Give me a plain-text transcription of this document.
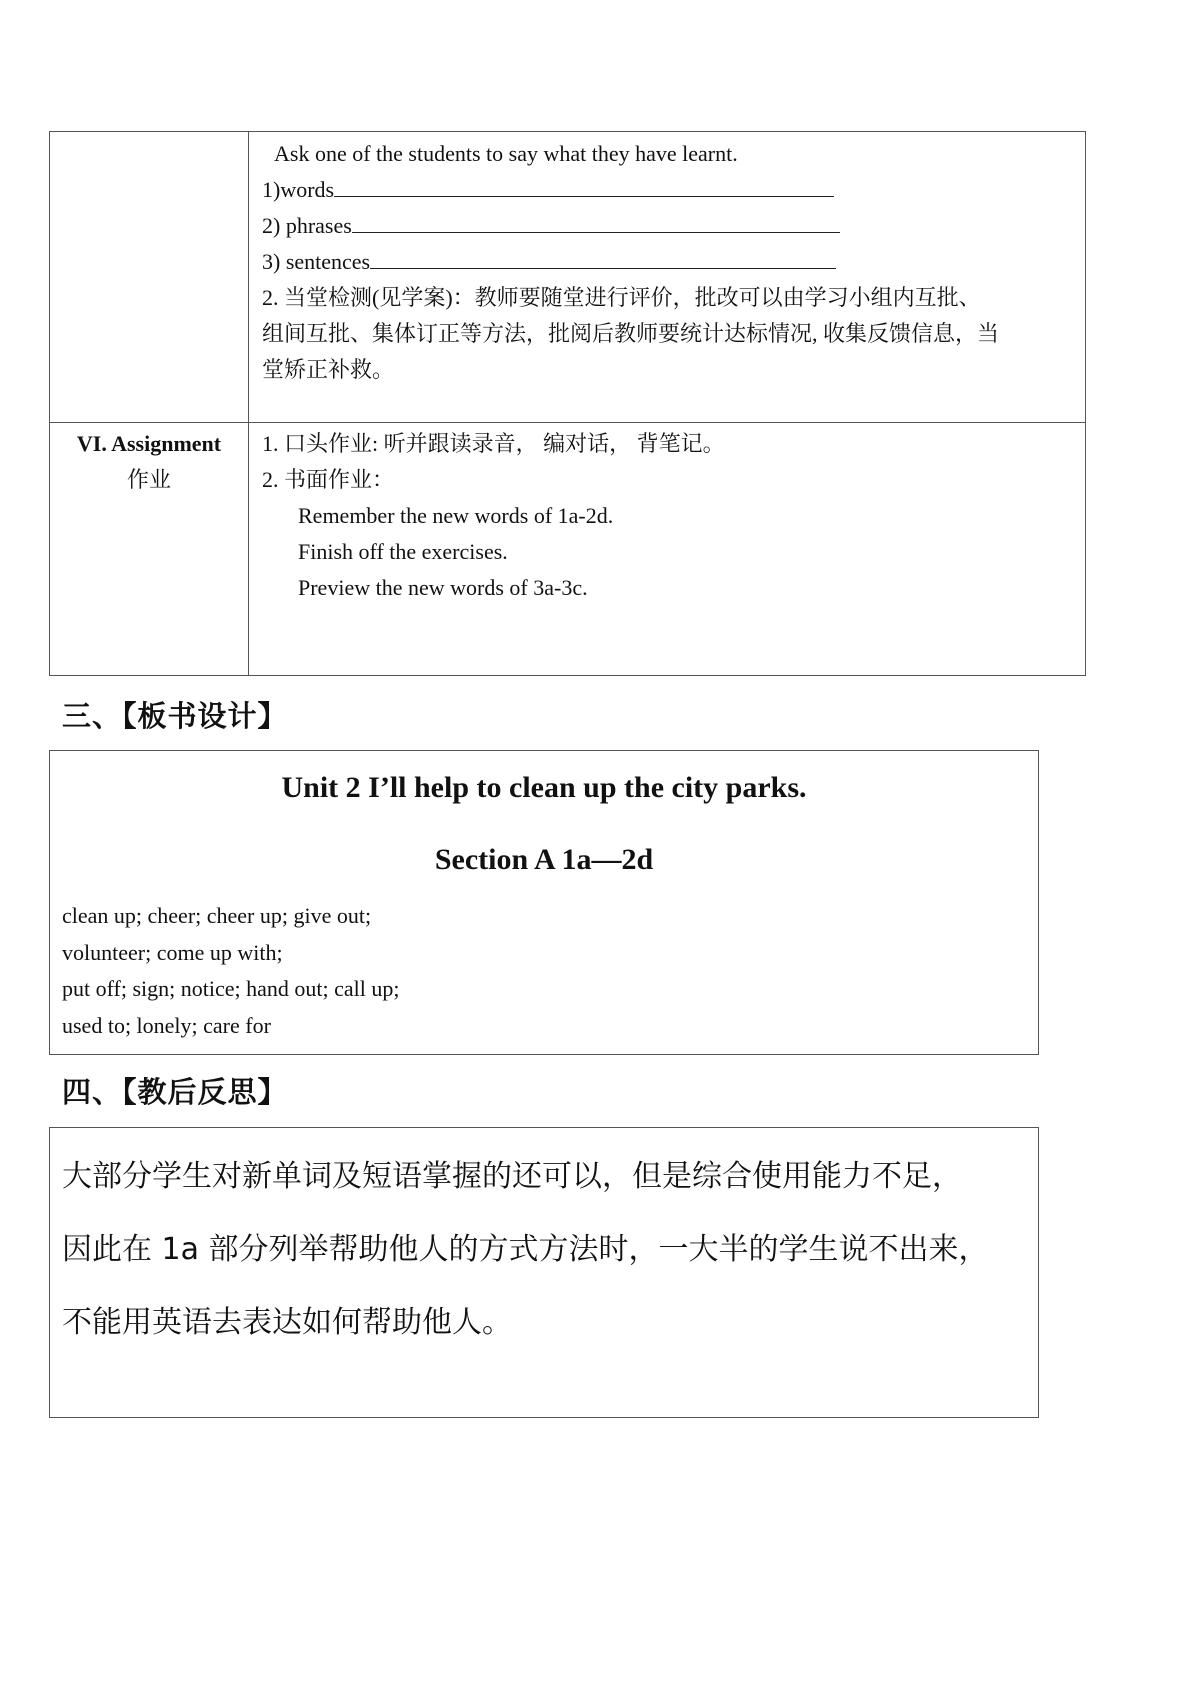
Ask one of the students to say what they have learnt.
1)words
2) phrases
3) sentences
2. 当堂检测(见学案)：教师要随堂进行评价，批改可以由学习小组内互批、
组间互批、集体订正等方法，批阅后教师要统计达标情况, 收集反馈信息，当
堂矫正补救。
VI. Assignment
作业
1. 口头作业: 听并跟读录音， 编对话， 背笔记。
2. 书面作业：
Remember the new words of 1a-2d.
Finish off the exercises.
Preview the new words of 3a-3c.
三、【板书设计】
Unit 2 I’ll help to clean up the city parks.
Section A 1a—2d
clean up; cheer; cheer up; give out;
volunteer; come up with;
put off; sign; notice; hand out; call up;
used to; lonely; care for
四、【教后反思】
大部分学生对新单词及短语掌握的还可以，但是综合使用能力不足，
因此在 1a 部分列举帮助他人的方式方法时，一大半的学生说不出来，
不能用英语去表达如何帮助他人。
